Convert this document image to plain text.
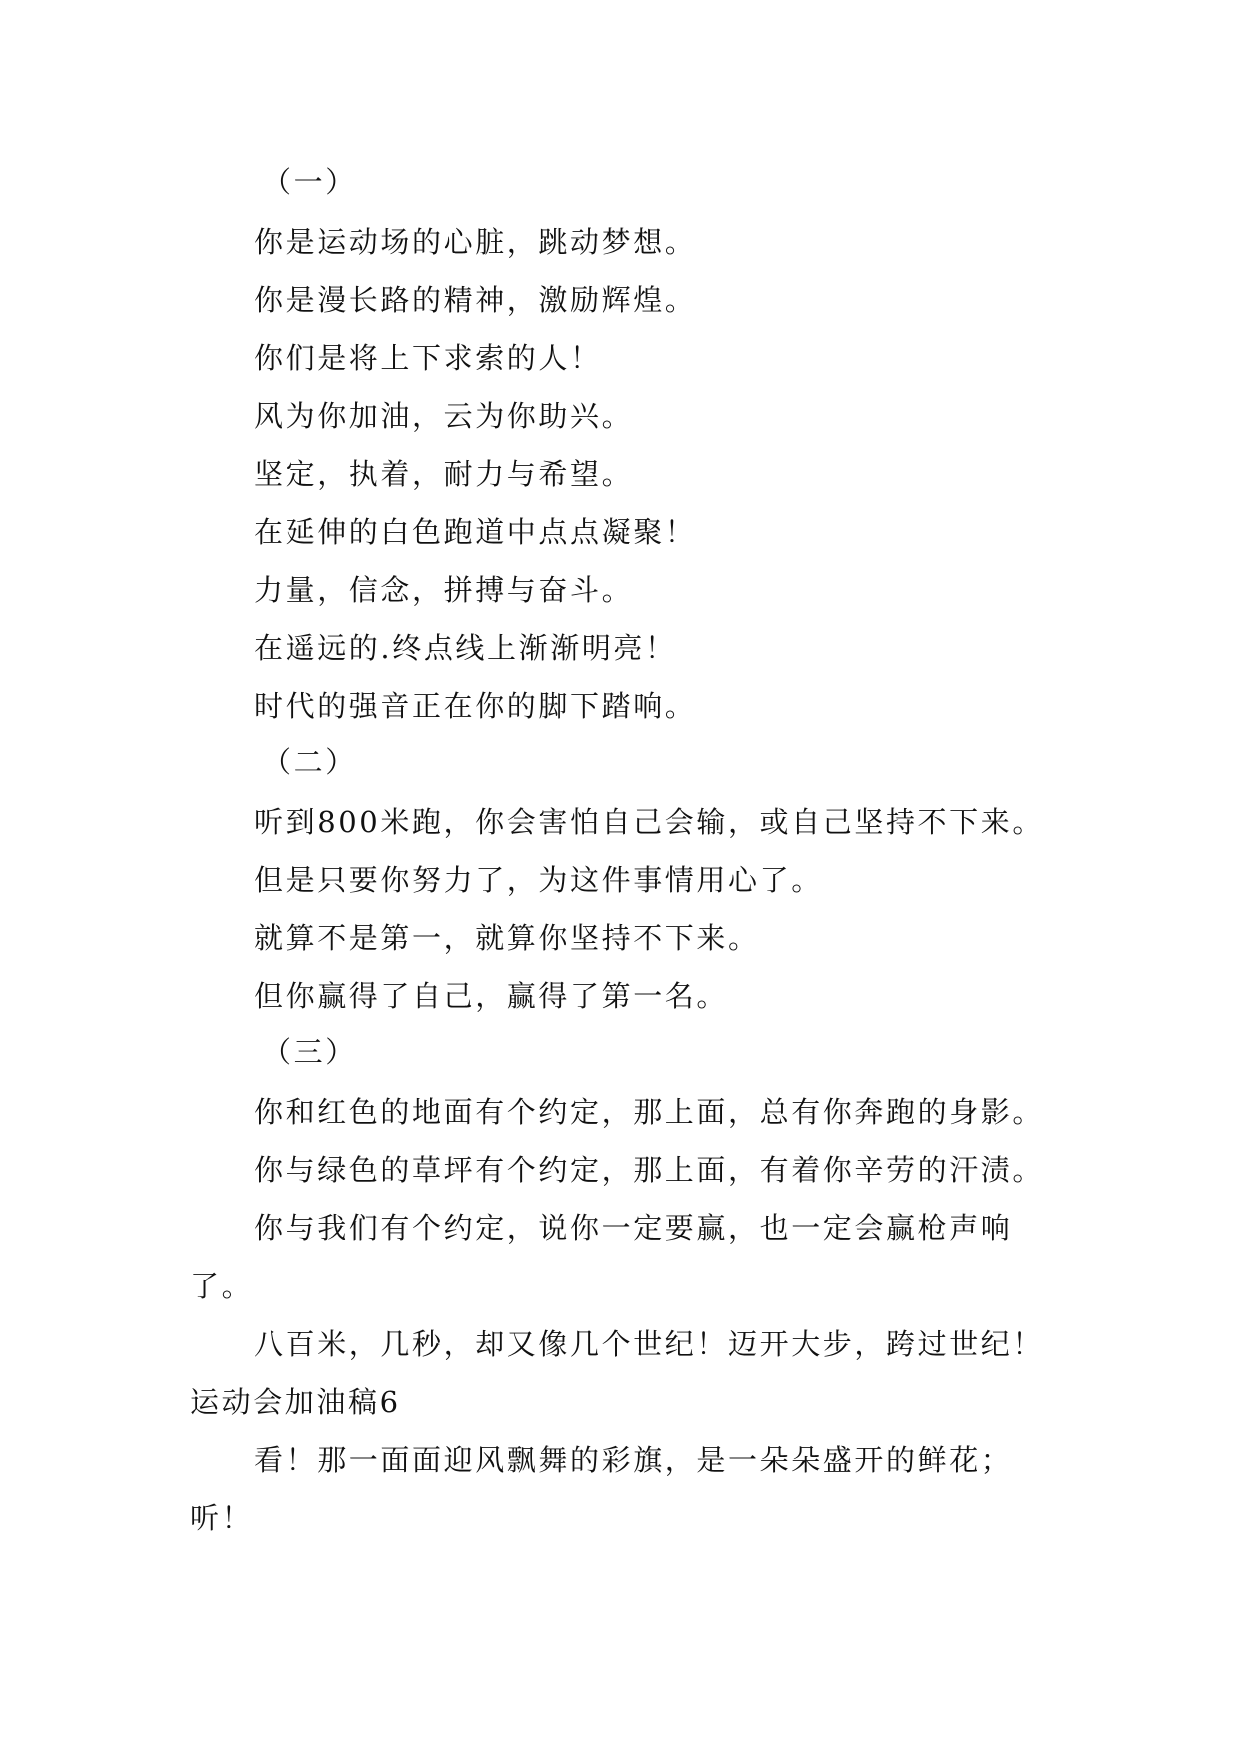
（一）
你是运动场的心脏，跳动梦想。
你是漫长路的精神，激励辉煌。
你们是将上下求索的人！
风为你加油，云为你助兴。
坚定，执着，耐力与希望。
在延伸的白色跑道中点点凝聚！
力量，信念，拼搏与奋斗。
在遥远的.终点线上渐渐明亮！
时代的强音正在你的脚下踏响。
（二）
听到800米跑，你会害怕自己会输，或自己坚持不下来。
但是只要你努力了，为这件事情用心了。
就算不是第一，就算你坚持不下来。
但你赢得了自己，赢得了第一名。
（三）
你和红色的地面有个约定，那上面，总有你奔跑的身影。
你与绿色的草坪有个约定，那上面，有着你辛劳的汗渍。
你与我们有个约定，说你一定要赢，也一定会赢枪声响
了。
八百米，几秒，却又像几个世纪！迈开大步，跨过世纪！
运动会加油稿6
看！那一面面迎风飘舞的彩旗，是一朵朵盛开的鲜花；
听！
